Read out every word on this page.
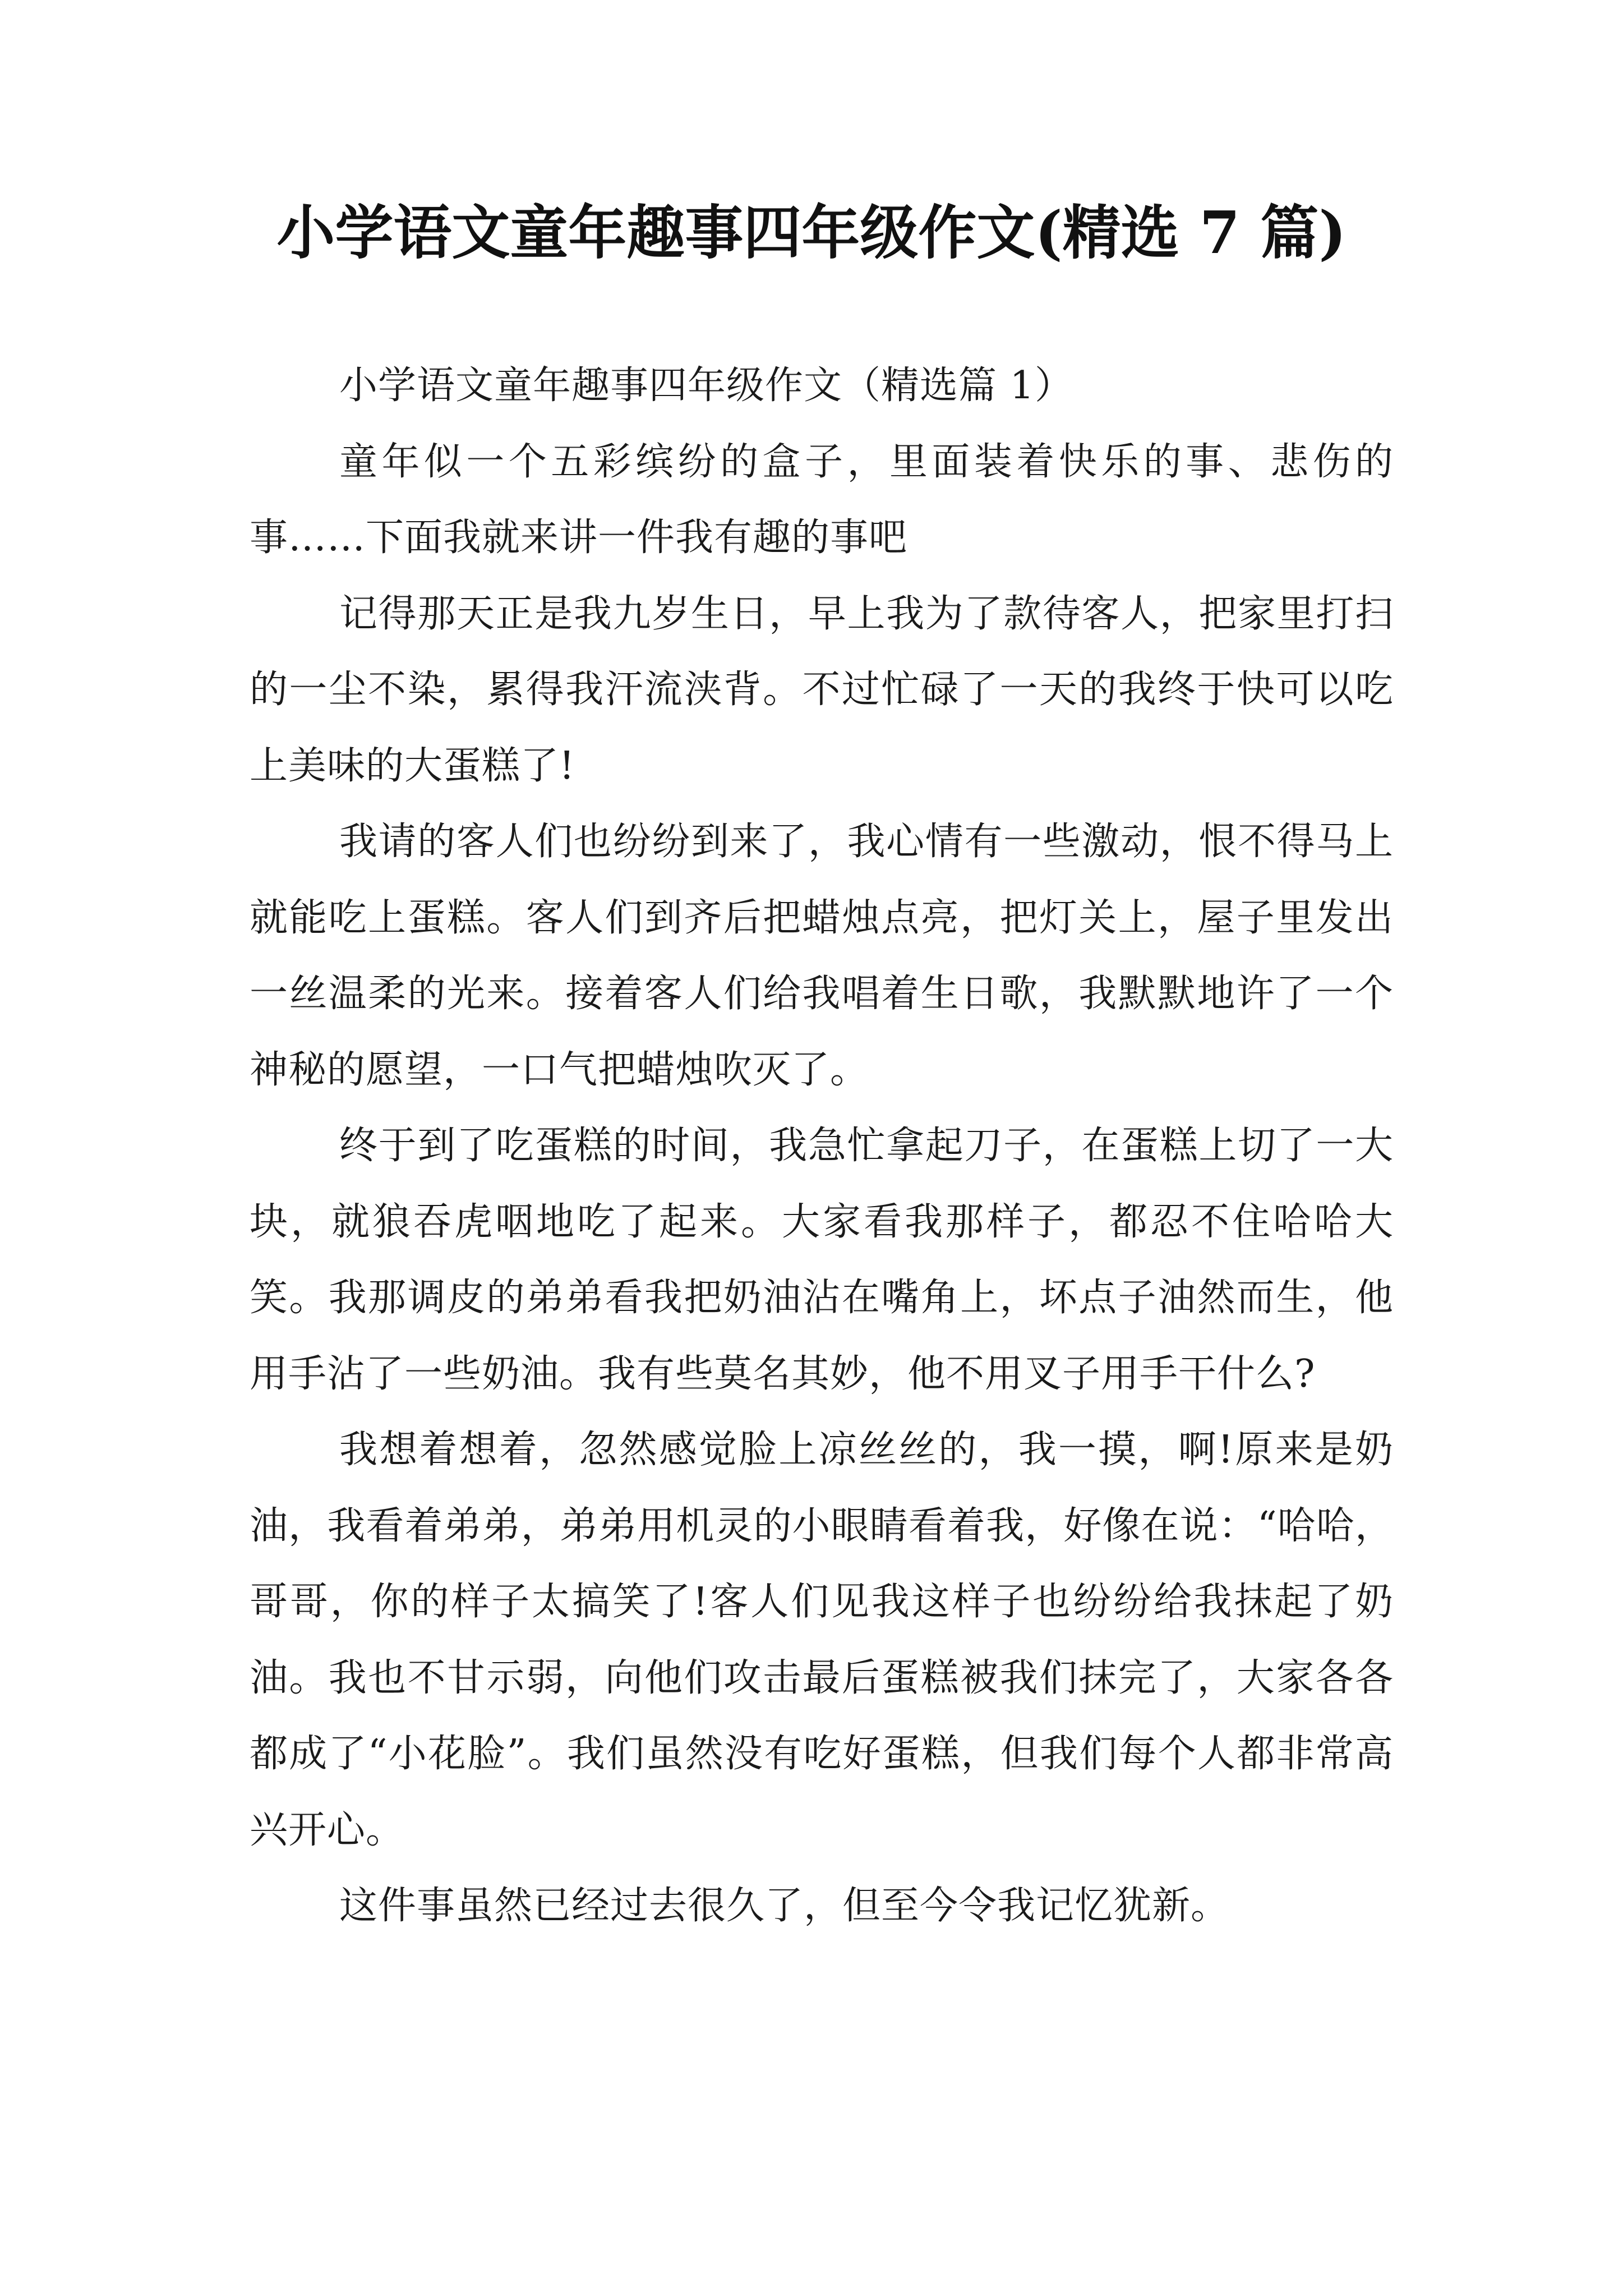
小学语文童年趣事四年级作文(精选 7 篇)

小学语文童年趣事四年级作文（精选篇 1）

童年似一个五彩缤纷的盒子，里面装着快乐的事、悲伤的事……下面我就来讲一件我有趣的事吧

记得那天正是我九岁生日，早上我为了款待客人，把家里打扫的一尘不染，累得我汗流浃背。不过忙碌了一天的我终于快可以吃上美味的大蛋糕了!

我请的客人们也纷纷到来了，我心情有一些激动，恨不得马上就能吃上蛋糕。客人们到齐后把蜡烛点亮，把灯关上，屋子里发出一丝温柔的光来。接着客人们给我唱着生日歌，我默默地许了一个神秘的愿望，一口气把蜡烛吹灭了。

终于到了吃蛋糕的时间，我急忙拿起刀子，在蛋糕上切了一大块，就狼吞虎咽地吃了起来。大家看我那样子，都忍不住哈哈大笑。我那调皮的弟弟看我把奶油沾在嘴角上，坏点子油然而生，他用手沾了一些奶油。我有些莫名其妙，他不用叉子用手干什么?

我想着想着，忽然感觉脸上凉丝丝的，我一摸，啊!原来是奶油，我看着弟弟，弟弟用机灵的小眼睛看着我，好像在说：“哈哈，哥哥，你的样子太搞笑了!客人们见我这样子也纷纷给我抹起了奶油。我也不甘示弱，向他们攻击最后蛋糕被我们抹完了，大家各各都成了“小花脸”。我们虽然没有吃好蛋糕，但我们每个人都非常高兴开心。

这件事虽然已经过去很久了，但至今令我记忆犹新。
